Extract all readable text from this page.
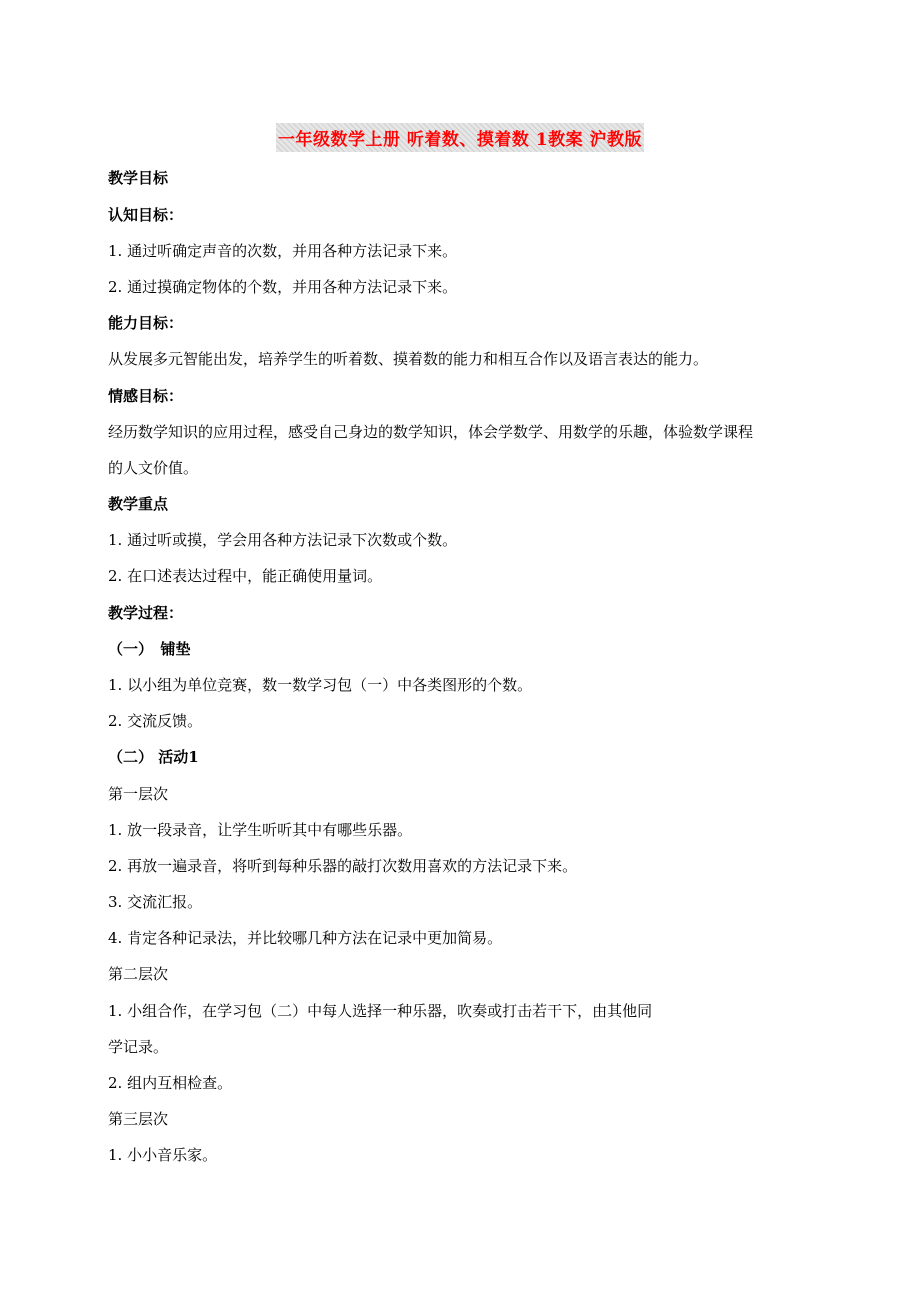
一年级数学上册 听着数、摸着数 1教案 沪教版
教学目标
认知目标：
1. 通过听确定声音的次数，并用各种方法记录下来。
2. 通过摸确定物体的个数，并用各种方法记录下来。
能力目标：
从发展多元智能出发，培养学生的听着数、摸着数的能力和相互合作以及语言表达的能力。
情感目标：
经历数学知识的应用过程，感受自己身边的数学知识，体会学数学、用数学的乐趣，体验数学课程
的人文价值。
教学重点
1. 通过听或摸，学会用各种方法记录下次数或个数。
2. 在口述表达过程中，能正确使用量词。
教学过程：
（一）　铺垫
1. 以小组为单位竞赛，数一数学习包（一）中各类图形的个数。
2. 交流反馈。
（二） 活动1
第一层次
1. 放一段录音，让学生听听其中有哪些乐器。
2. 再放一遍录音，将听到每种乐器的敲打次数用喜欢的方法记录下来。
3. 交流汇报。
4. 肯定各种记录法，并比较哪几种方法在记录中更加简易。
第二层次
1. 小组合作，在学习包（二）中每人选择一种乐器，吹奏或打击若干下，由其他同
学记录。
2. 组内互相检查。
第三层次
1. 小小音乐家。
